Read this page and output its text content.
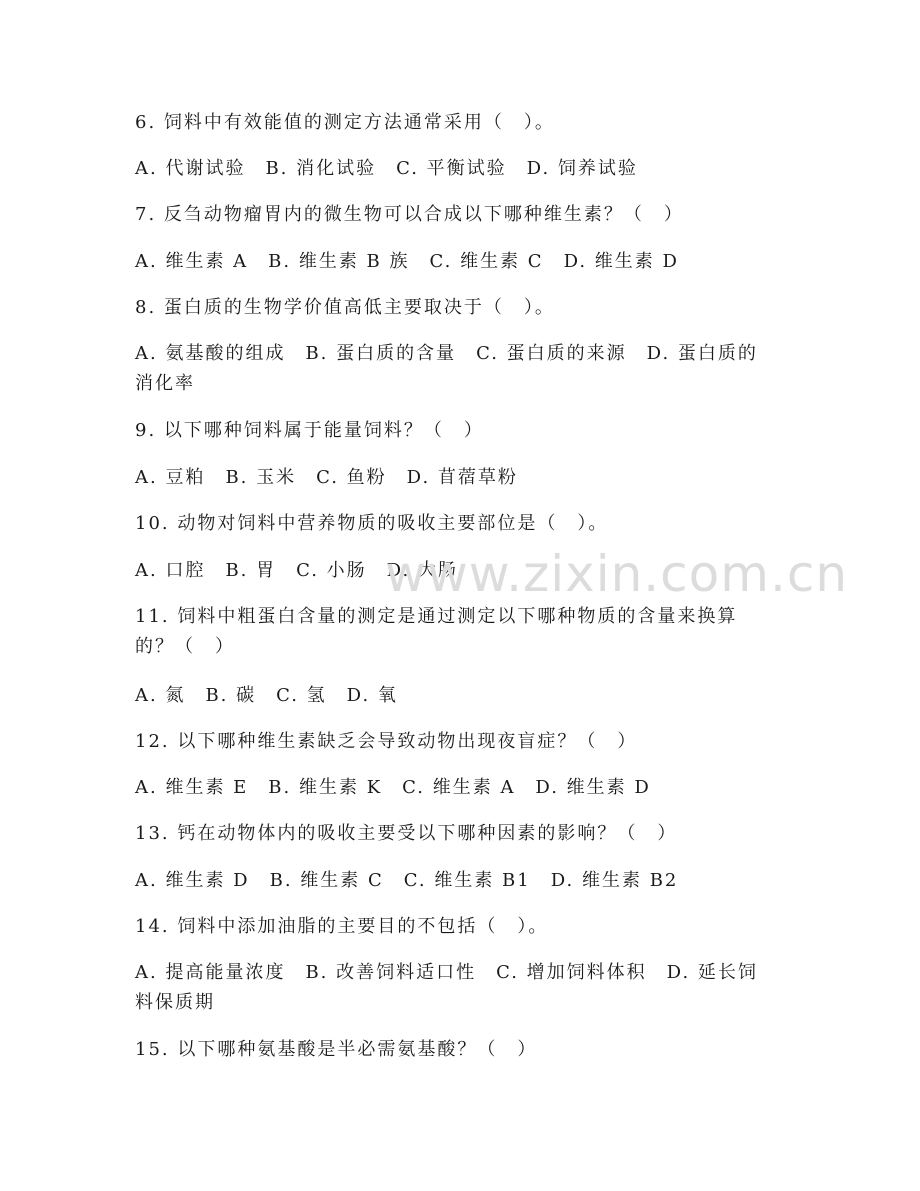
6. 饲料中有效能值的测定方法通常采用（　）。
A. 代谢试验　B. 消化试验　C. 平衡试验　D. 饲养试验
7. 反刍动物瘤胃内的微生物可以合成以下哪种维生素？（　）
A. 维生素 A　B. 维生素 B 族　C. 维生素 C　D. 维生素 D
8. 蛋白质的生物学价值高低主要取决于（　）。
A. 氨基酸的组成　B. 蛋白质的含量　C. 蛋白质的来源　D. 蛋白质的消化率
9. 以下哪种饲料属于能量饲料？（　）
A. 豆粕　B. 玉米　C. 鱼粉　D. 苜蓿草粉
10. 动物对饲料中营养物质的吸收主要部位是（　）。
A. 口腔　B. 胃　C. 小肠　D. 大肠
11. 饲料中粗蛋白含量的测定是通过测定以下哪种物质的含量来换算的？（　）
A. 氮　B. 碳　C. 氢　D. 氧
12. 以下哪种维生素缺乏会导致动物出现夜盲症？（　）
A. 维生素 E　B. 维生素 K　C. 维生素 A　D. 维生素 D
13. 钙在动物体内的吸收主要受以下哪种因素的影响？（　）
A. 维生素 D　B. 维生素 C　C. 维生素 B1　D. 维生素 B2
14. 饲料中添加油脂的主要目的不包括（　）。
A. 提高能量浓度　B. 改善饲料适口性　C. 增加饲料体积　D. 延长饲料保质期
15. 以下哪种氨基酸是半必需氨基酸？（　）
www.zixin.com.cn
